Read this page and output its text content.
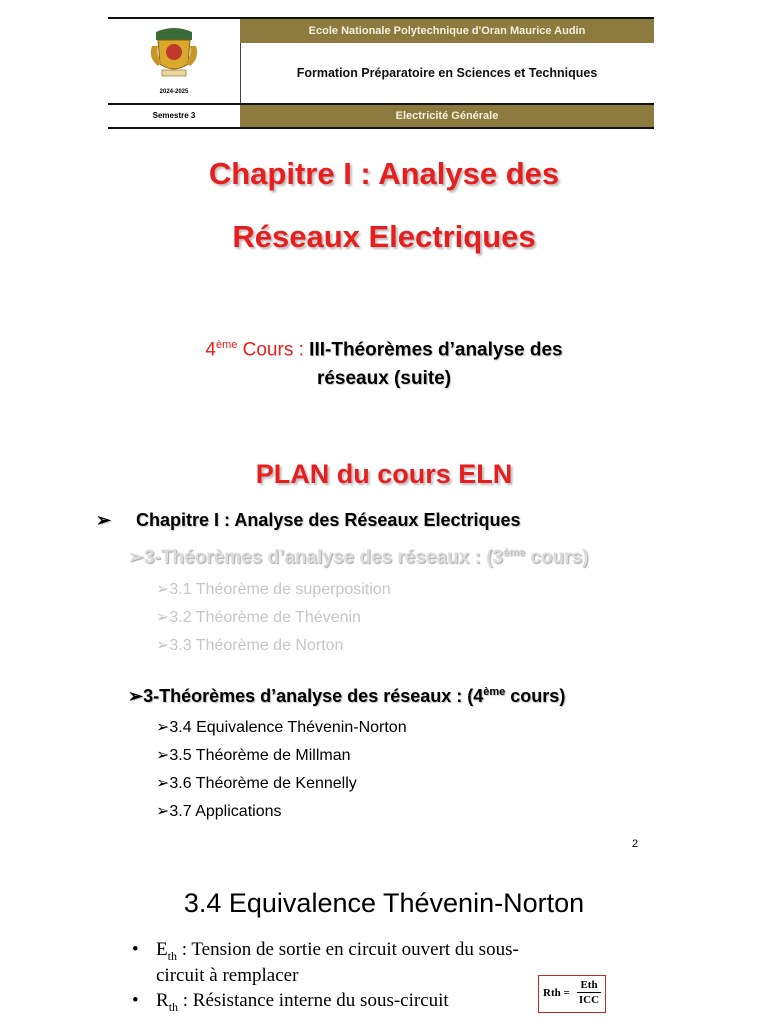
2024-2025
Ecole Nationale Polytechnique d'Oran Maurice Audin
Formation Préparatoire en Sciences et Techniques
Semestre 3	Electricité Générale
Chapitre I : Analyse des
Réseaux Electriques
4ème Cours : III-Théorèmes d’analyse des
réseaux (suite)
PLAN du cours ELN
➢ Chapitre I : Analyse des Réseaux Electriques
➢3-Théorèmes d’analyse des réseaux : (3ème cours)
➢3.1 Théorème de superposition
➢3.2 Théorème de Thévenin
➢3.3 Théorème de Norton
➢3-Théorèmes d’analyse des réseaux : (4ème cours)
➢3.4 Equivalence Thévenin-Norton
➢3.5 Théorème de Millman
➢3.6 Théorème de Kennelly
➢3.7 Applications
2
3.4 Equivalence Thévenin-Norton
• $E_{th}$ : Tension de sortie en circuit ouvert du sous-
circuit à remplacer
• $R_{th}$ : Résistance interne du sous-circuit	Rth =
Eth
ICC
